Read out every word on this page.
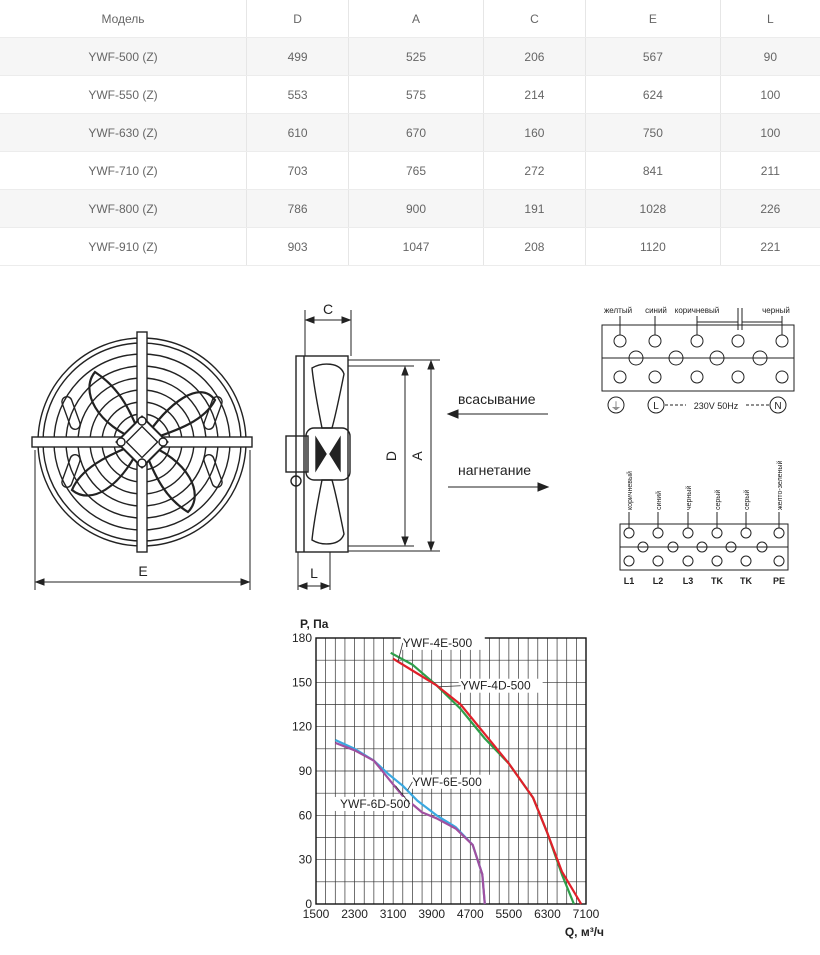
Модель	D	A	C	E	L
YWF-500 (Z)	499	525	206	567	90
YWF-550 (Z)	553	575	214	624	100
YWF-630 (Z)	610	670	160	750	100
YWF-710 (Z)	703	765	272	841	211
YWF-800 (Z)	786	900	191	1028	226
YWF-910 (Z)	903	1047	208	1120	221
E
C
D A
L
всасывание
нагнетание
желтый синий коричневый	черный
⏚	L	230V 50Hz	N
коричневый	синий	черный	серый	серый	желто-зеленый
L1 L2 L3 TK TK PE
1500 2300 3100 3900 4700 5500 6300 7100
0
30
60
90
120
150
180
P, Па
Q, м³/ч
YWF-4E-500
YWF-4D-500
YWF-6E-500
YWF-6D-500
